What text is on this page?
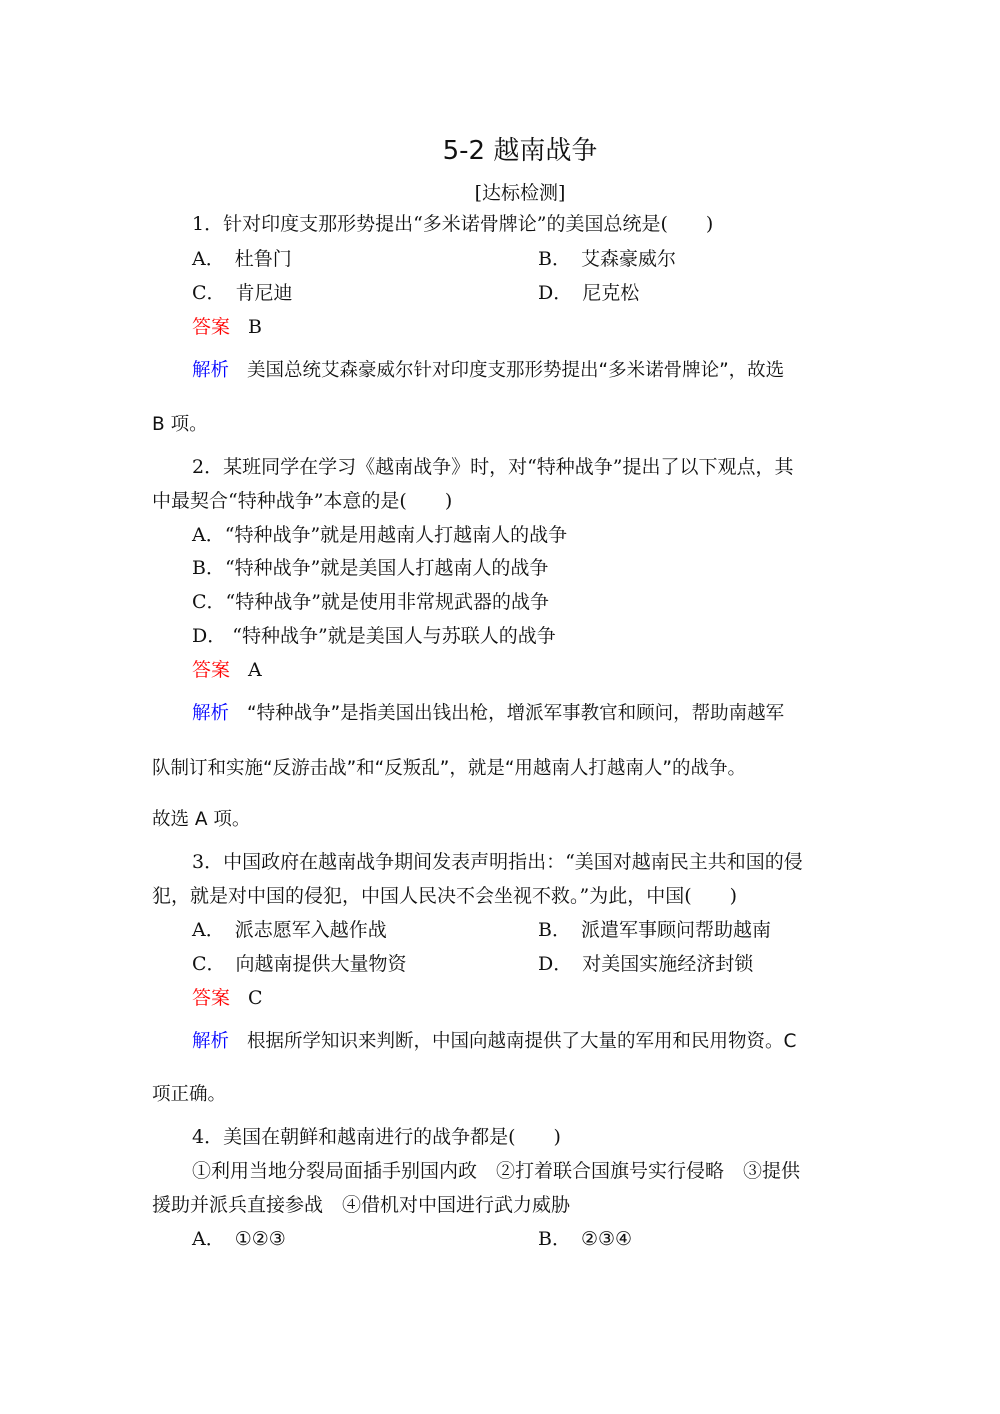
5-2 越南战争
[达标检测]
1．针对印度支那形势提出“多米诺骨牌论”的美国总统是(　　)
A． 杜鲁门	B． 艾森豪威尔
C． 肯尼迪	D． 尼克松
答案 B
解析 美国总统艾森豪威尔针对印度支那形势提出“多米诺骨牌论”，故选
B 项。
2．某班同学在学习《越南战争》时，对“特种战争”提出了以下观点，其
中最契合“特种战争”本意的是(　　)
A．“特种战争”就是用越南人打越南人的战争
B．“特种战争”就是美国人打越南人的战争
C．“特种战争”就是使用非常规武器的战争
D． “特种战争”就是美国人与苏联人的战争
答案 A
解析 “特种战争”是指美国出钱出枪，增派军事教官和顾问，帮助南越军
队制订和实施“反游击战”和“反叛乱”，就是“用越南人打越南人”的战争。
故选 A 项。
3．中国政府在越南战争期间发表声明指出：“美国对越南民主共和国的侵
犯，就是对中国的侵犯，中国人民决不会坐视不救。”为此，中国(　　)
A． 派志愿军入越作战	B． 派遣军事顾问帮助越南
C． 向越南提供大量物资	D． 对美国实施经济封锁
答案 C
解析 根据所学知识来判断，中国向越南提供了大量的军用和民用物资。C
项正确。
4．美国在朝鲜和越南进行的战争都是(　　)
①利用当地分裂局面插手别国内政　②打着联合国旗号实行侵略　③提供
援助并派兵直接参战　④借机对中国进行武力威胁
A． ①②③	B． ②③④
